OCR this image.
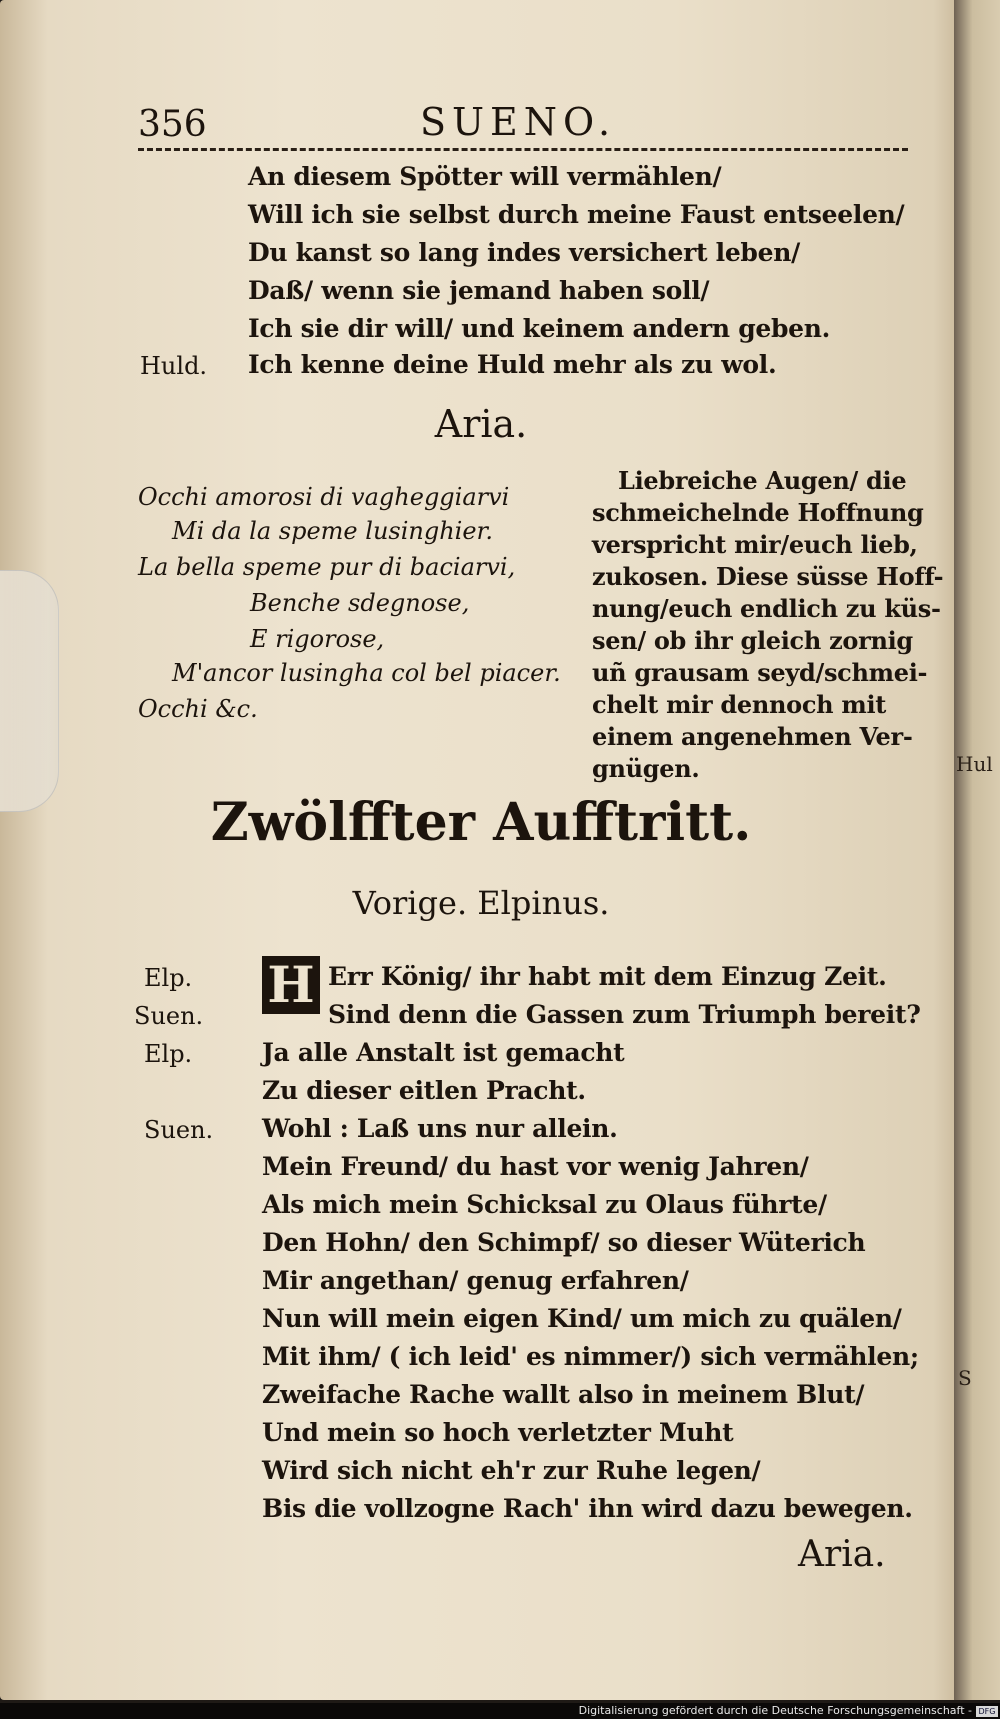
Hul
S
356	SUENO.
An diesem Spötter will vermählen/
Will ich sie selbst durch meine Faust entseelen/
Du kanst so lang indes versichert leben/
Daß/ wenn sie jemand haben soll/
Ich sie dir will/ und keinem andern geben.
Huld. Ich kenne deine Huld mehr als zu wol.
Aria.
Occhi amorosi di vagheggiarvi
Mi da la speme lusinghier.
La bella speme pur di baciarvi,
Benche sdegnose,
E rigorose,
M'ancor lusingha col bel piacer.
Occhi &c.
Liebreiche Augen/ die
schmeichelnde Hoffnung
verspricht mir/euch lieb,
zukosen. Diese süsse Hoff-
nung/euch endlich zu küs-
sen/ ob ihr gleich zornig
uñ grausam seyd/schmei-
chelt mir dennoch mit
einem angenehmen Ver-
gnügen.
Zwölffter Aufftritt.
Vorige. Elpinus.
H
Elp.	Err König/ ihr habt mit dem Einzug Zeit.
Suen.	Sind denn die Gassen zum Triumph bereit?
Elp.	Ja alle Anstalt ist gemacht
Zu dieser eitlen Pracht.
Suen. Wohl : Laß uns nur allein.
Mein Freund/ du hast vor wenig Jahren/
Als mich mein Schicksal zu Olaus führte/
Den Hohn/ den Schimpf/ so dieser Wüterich
Mir angethan/ genug erfahren/
Nun will mein eigen Kind/ um mich zu quälen/
Mit ihm/ ( ich leid' es nimmer/) sich vermählen;
Zweifache Rache wallt also in meinem Blut/
Und mein so hoch verletzter Muht
Wird sich nicht eh'r zur Ruhe legen/
Bis die vollzogne Rach' ihn wird dazu bewegen.
Aria.
Digitalisierung gefördert durch die Deutsche Forschungsgemeinschaft - DFG
